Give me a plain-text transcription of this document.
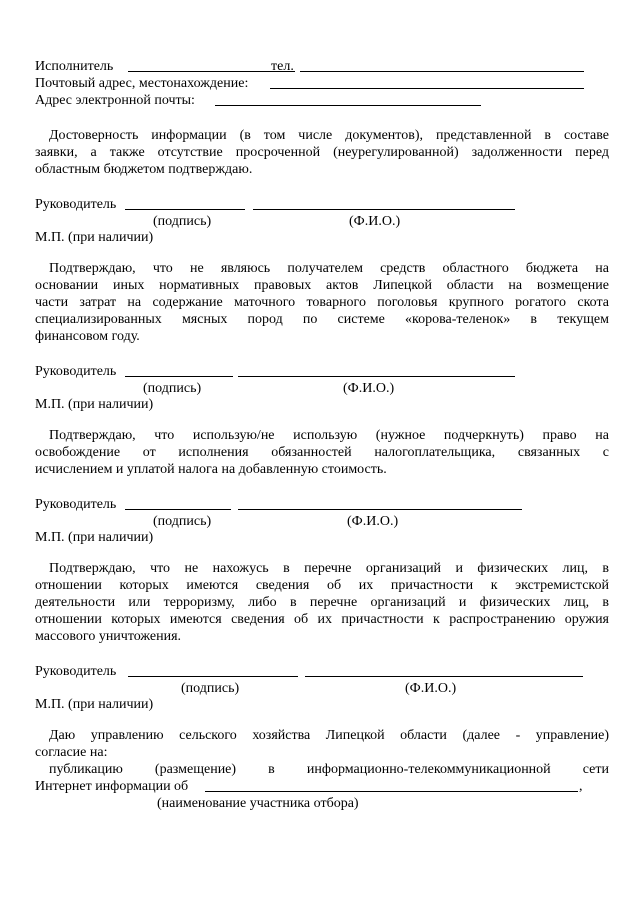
Исполнитель	тел.
Почтовый адрес, местонахождение:
Адрес электронной почты:
Достоверность информации (в том числе документов), представленной в составе
заявки, а также отсутствие просроченной (неурегулированной) задолженности перед
областным бюджетом подтверждаю.
Руководитель
(подпись)	(Ф.И.О.)
М.П. (при наличии)
Подтверждаю, что не являюсь получателем средств областного бюджета на
основании иных нормативных правовых актов Липецкой области на возмещение
части затрат на содержание маточного товарного поголовья крупного рогатого скота
специализированных мясных пород по системе «корова-теленок» в текущем
финансовом году.
Руководитель
(подпись)	(Ф.И.О.)
М.П. (при наличии)
Подтверждаю, что использую/не использую (нужное подчеркнуть) право на
освобождение от исполнения обязанностей налогоплательщика, связанных с
исчислением и уплатой налога на добавленную стоимость.
Руководитель
(подпись)	(Ф.И.О.)
М.П. (при наличии)
Подтверждаю, что не нахожусь в перечне организаций и физических лиц, в
отношении которых имеются сведения об их причастности к экстремистской
деятельности или терроризму, либо в перечне организаций и физических лиц, в
отношении которых имеются сведения об их причастности к распространению оружия
массового уничтожения.
Руководитель
(подпись)	(Ф.И.О.)
М.П. (при наличии)
Даю управлению сельского хозяйства Липецкой области (далее - управление)
согласие на:
публикацию (размещение) в информационно-телекоммуникационной сети
Интернет информации об	,
(наименование участника отбора)
